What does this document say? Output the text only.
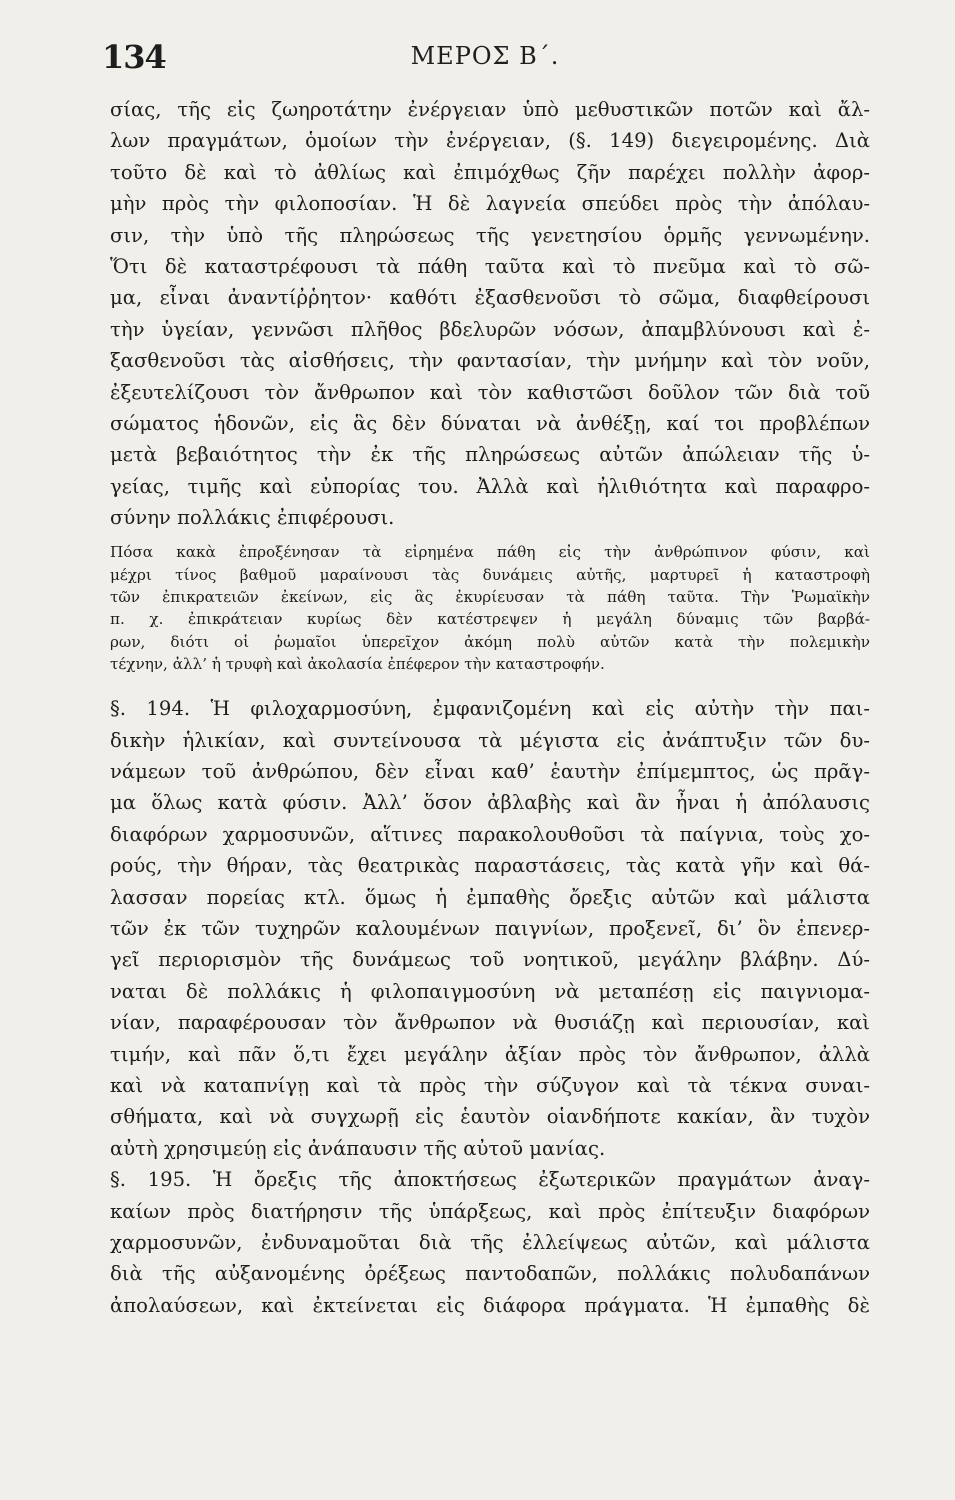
134	ΜΕΡΟΣ Β΄.
σίας, τῆς εἰς ζωηροτάτην ἐνέργειαν ὑπὸ μεθυστικῶν ποτῶν καὶ ἄλ-
λων πραγμάτων, ὁμοίων τὴν ἐνέργειαν, (§. 149) διεγειρομένης. Διὰ
τοῦτο δὲ καὶ τὸ ἀθλίως καὶ ἐπιμόχθως ζῆν παρέχει πολλὴν ἀφορ-
μὴν πρὸς τὴν φιλοποσίαν. Ἡ δὲ λαγνεία σπεύδει πρὸς τὴν ἀπόλαυ-
σιν, τὴν ὑπὸ τῆς πληρώσεως τῆς γενετησίου ὁρμῆς γεννωμένην.
Ὅτι δὲ καταστρέφουσι τὰ πάθη ταῦτα καὶ τὸ πνεῦμα καὶ τὸ σῶ-
μα, εἶναι ἀναντίῤῥητον· καθότι ἐξασθενοῦσι τὸ σῶμα, διαφθείρουσι
τὴν ὑγείαν, γεννῶσι πλῆθος βδελυρῶν νόσων, ἀπαμβλύνουσι καὶ ἐ-
ξασθενοῦσι τὰς αἰσθήσεις, τὴν φαντασίαν, τὴν μνήμην καὶ τὸν νοῦν,
ἐξευτελίζουσι τὸν ἄνθρωπον καὶ τὸν καθιστῶσι δοῦλον τῶν διὰ τοῦ
σώματος ἡδονῶν, εἰς ἃς δὲν δύναται νὰ ἀνθέξῃ, καί τοι προβλέπων
μετὰ βεβαιότητος τὴν ἐκ τῆς πληρώσεως αὐτῶν ἀπώλειαν τῆς ὑ-
γείας, τιμῆς καὶ εὐπορίας του. Ἀλλὰ καὶ ἠλιθιότητα καὶ παραφρο-
σύνην πολλάκις ἐπιφέρουσι.
Πόσα κακὰ ἐπροξένησαν τὰ εἰρημένα πάθη εἰς τὴν ἀνθρώπινον φύσιν, καὶ
μέχρι τίνος βαθμοῦ μαραίνουσι τὰς δυνάμεις αὐτῆς, μαρτυρεῖ ἡ καταστροφὴ
τῶν ἐπικρατειῶν ἐκείνων, εἰς ἃς ἐκυρίευσαν τὰ πάθη ταῦτα. Τὴν Ῥωμαϊκὴν
π. χ. ἐπικράτειαν κυρίως δὲν κατέστρεψεν ἡ μεγάλη δύναμις τῶν βαρβά-
ρων, διότι οἱ ῥωμαῖοι ὑπερεῖχον ἀκόμη πολὺ αὐτῶν κατὰ τὴν πολεμικὴν
τέχνην, ἀλλ’ ἡ τρυφὴ καὶ ἀκολασία ἐπέφερον τὴν καταστροφήν.
§. 194. Ἡ φιλοχαρμοσύνη, ἐμφανιζομένη καὶ εἰς αὐτὴν τὴν παι-
δικὴν ἡλικίαν, καὶ συντείνουσα τὰ μέγιστα εἰς ἀνάπτυξιν τῶν δυ-
νάμεων τοῦ ἀνθρώπου, δὲν εἶναι καθ’ ἑαυτὴν ἐπίμεμπτος, ὡς πρᾶγ-
μα ὅλως κατὰ φύσιν. Ἀλλ’ ὅσον ἀβλαβὴς καὶ ἂν ἦναι ἡ ἀπόλαυσις
διαφόρων χαρμοσυνῶν, αἵτινες παρακολουθοῦσι τὰ παίγνια, τοὺς χο-
ρούς, τὴν θήραν, τὰς θεατρικὰς παραστάσεις, τὰς κατὰ γῆν καὶ θά-
λασσαν πορείας κτλ. ὅμως ἡ ἐμπαθὴς ὄρεξις αὐτῶν καὶ μάλιστα
τῶν ἐκ τῶν τυχηρῶν καλουμένων παιγνίων, προξενεῖ, δι’ ὃν ἐπενερ-
γεῖ περιορισμὸν τῆς δυνάμεως τοῦ νοητικοῦ, μεγάλην βλάβην. Δύ-
ναται δὲ πολλάκις ἡ φιλοπαιγμοσύνη νὰ μεταπέσῃ εἰς παιγνιομα-
νίαν, παραφέρουσαν τὸν ἄνθρωπον νὰ θυσιάζῃ καὶ περιουσίαν, καὶ
τιμήν, καὶ πᾶν ὅ,τι ἔχει μεγάλην ἀξίαν πρὸς τὸν ἄνθρωπον, ἀλλὰ
καὶ νὰ καταπνίγῃ καὶ τὰ πρὸς τὴν σύζυγον καὶ τὰ τέκνα συναι-
σθήματα, καὶ νὰ συγχωρῇ εἰς ἑαυτὸν οἱανδήποτε κακίαν, ἂν τυχὸν
αὐτὴ χρησιμεύῃ εἰς ἀνάπαυσιν τῆς αὐτοῦ μανίας.
§. 195. Ἡ ὄρεξις τῆς ἀποκτήσεως ἐξωτερικῶν πραγμάτων ἀναγ-
καίων πρὸς διατήρησιν τῆς ὑπάρξεως, καὶ πρὸς ἐπίτευξιν διαφόρων
χαρμοσυνῶν, ἐνδυναμοῦται διὰ τῆς ἐλλείψεως αὐτῶν, καὶ μάλιστα
διὰ τῆς αὐξανομένης ὀρέξεως παντοδαπῶν, πολλάκις πολυδαπάνων
ἀπολαύσεων, καὶ ἐκτείνεται εἰς διάφορα πράγματα. Ἡ ἐμπαθὴς δὲ
